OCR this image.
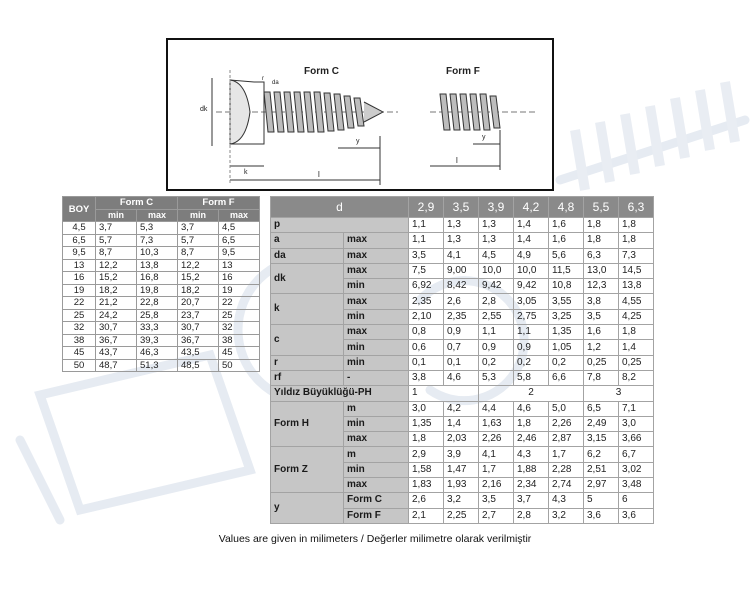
Form C	Form F
dk
k	l
y
da
r
l
y
BOY	Form C		Form F	
	min	max	min	max
4,5	3,7	5,3	3,7	4,5
6,5	5,7	7,3	5,7	6,5
9,5	8,7	10,3	8,7	9,5
13	12,2	13,8	12,2	13
16	15,2	16,8	15,2	16
19	18,2	19,8	18,2	19
22	21,2	22,8	20,7	22
25	24,2	25,8	23,7	25
32	30,7	33,3	30,7	32
38	36,7	39,3	36,7	38
45	43,7	46,3	43,5	45
50	48,7	51,3	48,5	50
d		2,9	3,5	3,9	4,2	4,8	5,5	6,3
p		1,1	1,3	1,3	1,4	1,6	1,8	1,8
a	max	1,1	1,3	1,3	1,4	1,6	1,8	1,8
da	max	3,5	4,1	4,5	4,9	5,6	6,3	7,3
dk	max	7,5	9,00	10,0	10,0	11,5	13,0	14,5
	min	6,92	8,42	9,42	9,42	10,8	12,3	13,8
k	max	2,35	2,6	2,8	3,05	3,55	3,8	4,55
	min	2,10	2,35	2,55	2,75	3,25	3,5	4,25
c	max	0,8	0,9	1,1	1,1	1,35	1,6	1,8
	min	0,6	0,7	0,9	0,9	1,05	1,2	1,4
r	min	0,1	0,1	0,2	0,2	0,2	0,25	0,25
rf	-	3,8	4,6	5,3	5,8	6,6	7,8	8,2
Yıldız Büyüklüğü-PH		1		2			3	
Form H	m	3,0	4,2	4,4	4,6	5,0	6,5	7,1
	min	1,35	1,4	1,63	1,8	2,26	2,49	3,0
	max	1,8	2,03	2,26	2,46	2,87	3,15	3,66
Form Z	m	2,9	3,9	4,1	4,3	1,7	6,2	6,7
	min	1,58	1,47	1,7	1,88	2,28	2,51	3,02
	max	1,83	1,93	2,16	2,34	2,74	2,97	3,48
y	Form C	2,6	3,2	3,5	3,7	4,3	5	6
	Form F	2,1	2,25	2,7	2,8	3,2	3,6	3,6
Values are given in milimeters / Değerler milimetre olarak verilmiştir
